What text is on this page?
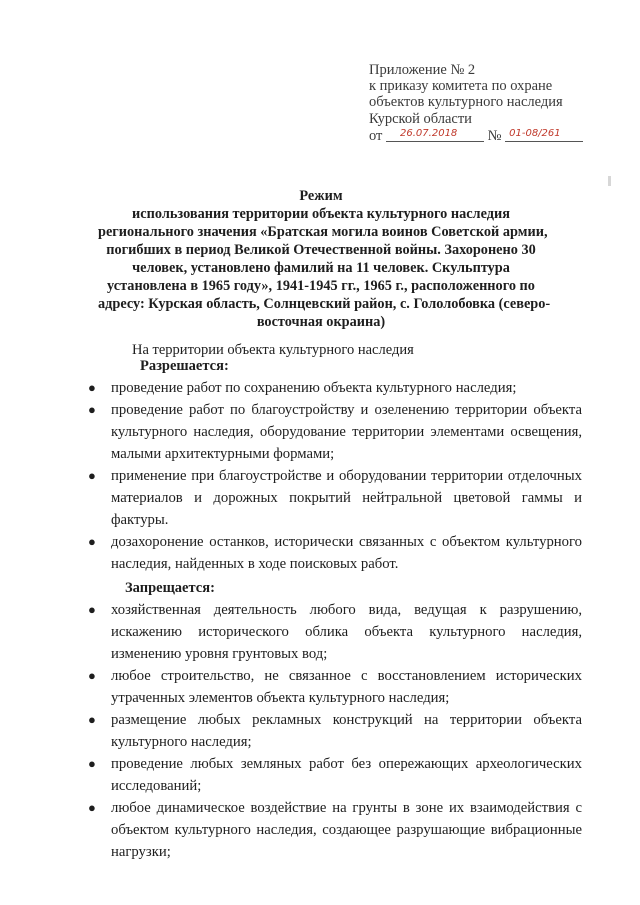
Приложение № 2
к приказу комитета по охране
объектов культурного наследия
Курской области
от 26.07.2018 № 01-08/261
Режим
использования территории объекта культурного наследия
регионального значения «Братская могила воинов Советской армии,
погибших в период Великой Отечественной войны. Захоронено 30
человек, установлено фамилий на 11 человек. Скульптура
установлена в 1965 году», 1941-1945 гг., 1965 г., расположенного по
адресу: Курская область, Солнцевский район, с. Гололобовка (северо-
восточная окраина)
На территории объекта культурного наследия
Разрешается:
● проведение работ по сохранению объекта культурного наследия;
● проведение работ по благоустройству и озеленению территории объекта культурного наследия, оборудование территории элементами освещения, малыми архитектурными формами;
● применение при благоустройстве и оборудовании территории отделочных материалов и дорожных покрытий нейтральной цветовой гаммы и фактуры.
● дозахоронение останков, исторически связанных с объектом культурного наследия, найденных в ходе поисковых работ.
Запрещается:
● хозяйственная деятельность любого вида, ведущая к разрушению, искажению исторического облика объекта культурного наследия, изменению уровня грунтовых вод;
● любое строительство, не связанное с восстановлением исторических утраченных элементов объекта культурного наследия;
● размещение любых рекламных конструкций на территории объекта культурного наследия;
● проведение любых земляных работ без опережающих археологических исследований;
● любое динамическое воздействие на грунты в зоне их взаимодействия с объектом культурного наследия, создающее разрушающие вибрационные нагрузки;
